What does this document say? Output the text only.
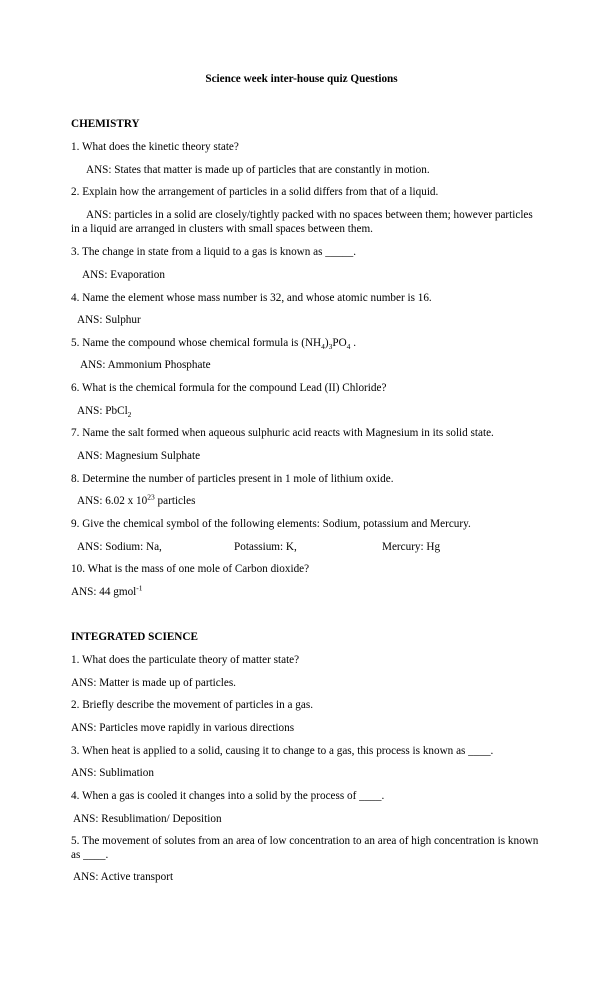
Science week inter-house quiz Questions
CHEMISTRY
1. What does the kinetic theory state?
ANS: States that matter is made up of particles that are constantly in motion.
2. Explain how the arrangement of particles in a solid differs from that of a liquid.
ANS: particles in a solid are closely/tightly packed with no spaces between them; however particles in a liquid are arranged in clusters with small spaces between them.
3. The change in state from a liquid to a gas is known as _____.
ANS: Evaporation
4. Name the element whose mass number is 32, and whose atomic number is 16.
ANS: Sulphur
5. Name the compound whose chemical formula is $(NH_4)_3PO_4$ .
ANS: Ammonium Phosphate
6. What is the chemical formula for the compound Lead (II) Chloride?
ANS: PbCl$_2$
7. Name the salt formed when aqueous sulphuric acid reacts with Magnesium in its solid state.
ANS: Magnesium Sulphate
8. Determine the number of particles present in 1 mole of lithium oxide.
ANS: 6.02 x $10^{23}$ particles
9. Give the chemical symbol of the following elements: Sodium, potassium and Mercury.
ANS: Sodium: Na,	Potassium: K,	Mercury: Hg
10. What is the mass of one mole of Carbon dioxide?
ANS: 44 gmol$^{-1}$
INTEGRATED SCIENCE
1. What does the particulate theory of matter state?
ANS: Matter is made up of particles.
2. Briefly describe the movement of particles in a gas.
ANS: Particles move rapidly in various directions
3. When heat is applied to a solid, causing it to change to a gas, this process is known as ____.
ANS: Sublimation
4. When a gas is cooled it changes into a solid by the process of ____.
ANS: Resublimation/ Deposition
5. The movement of solutes from an area of low concentration to an area of high concentration is known as ____.
ANS: Active transport
